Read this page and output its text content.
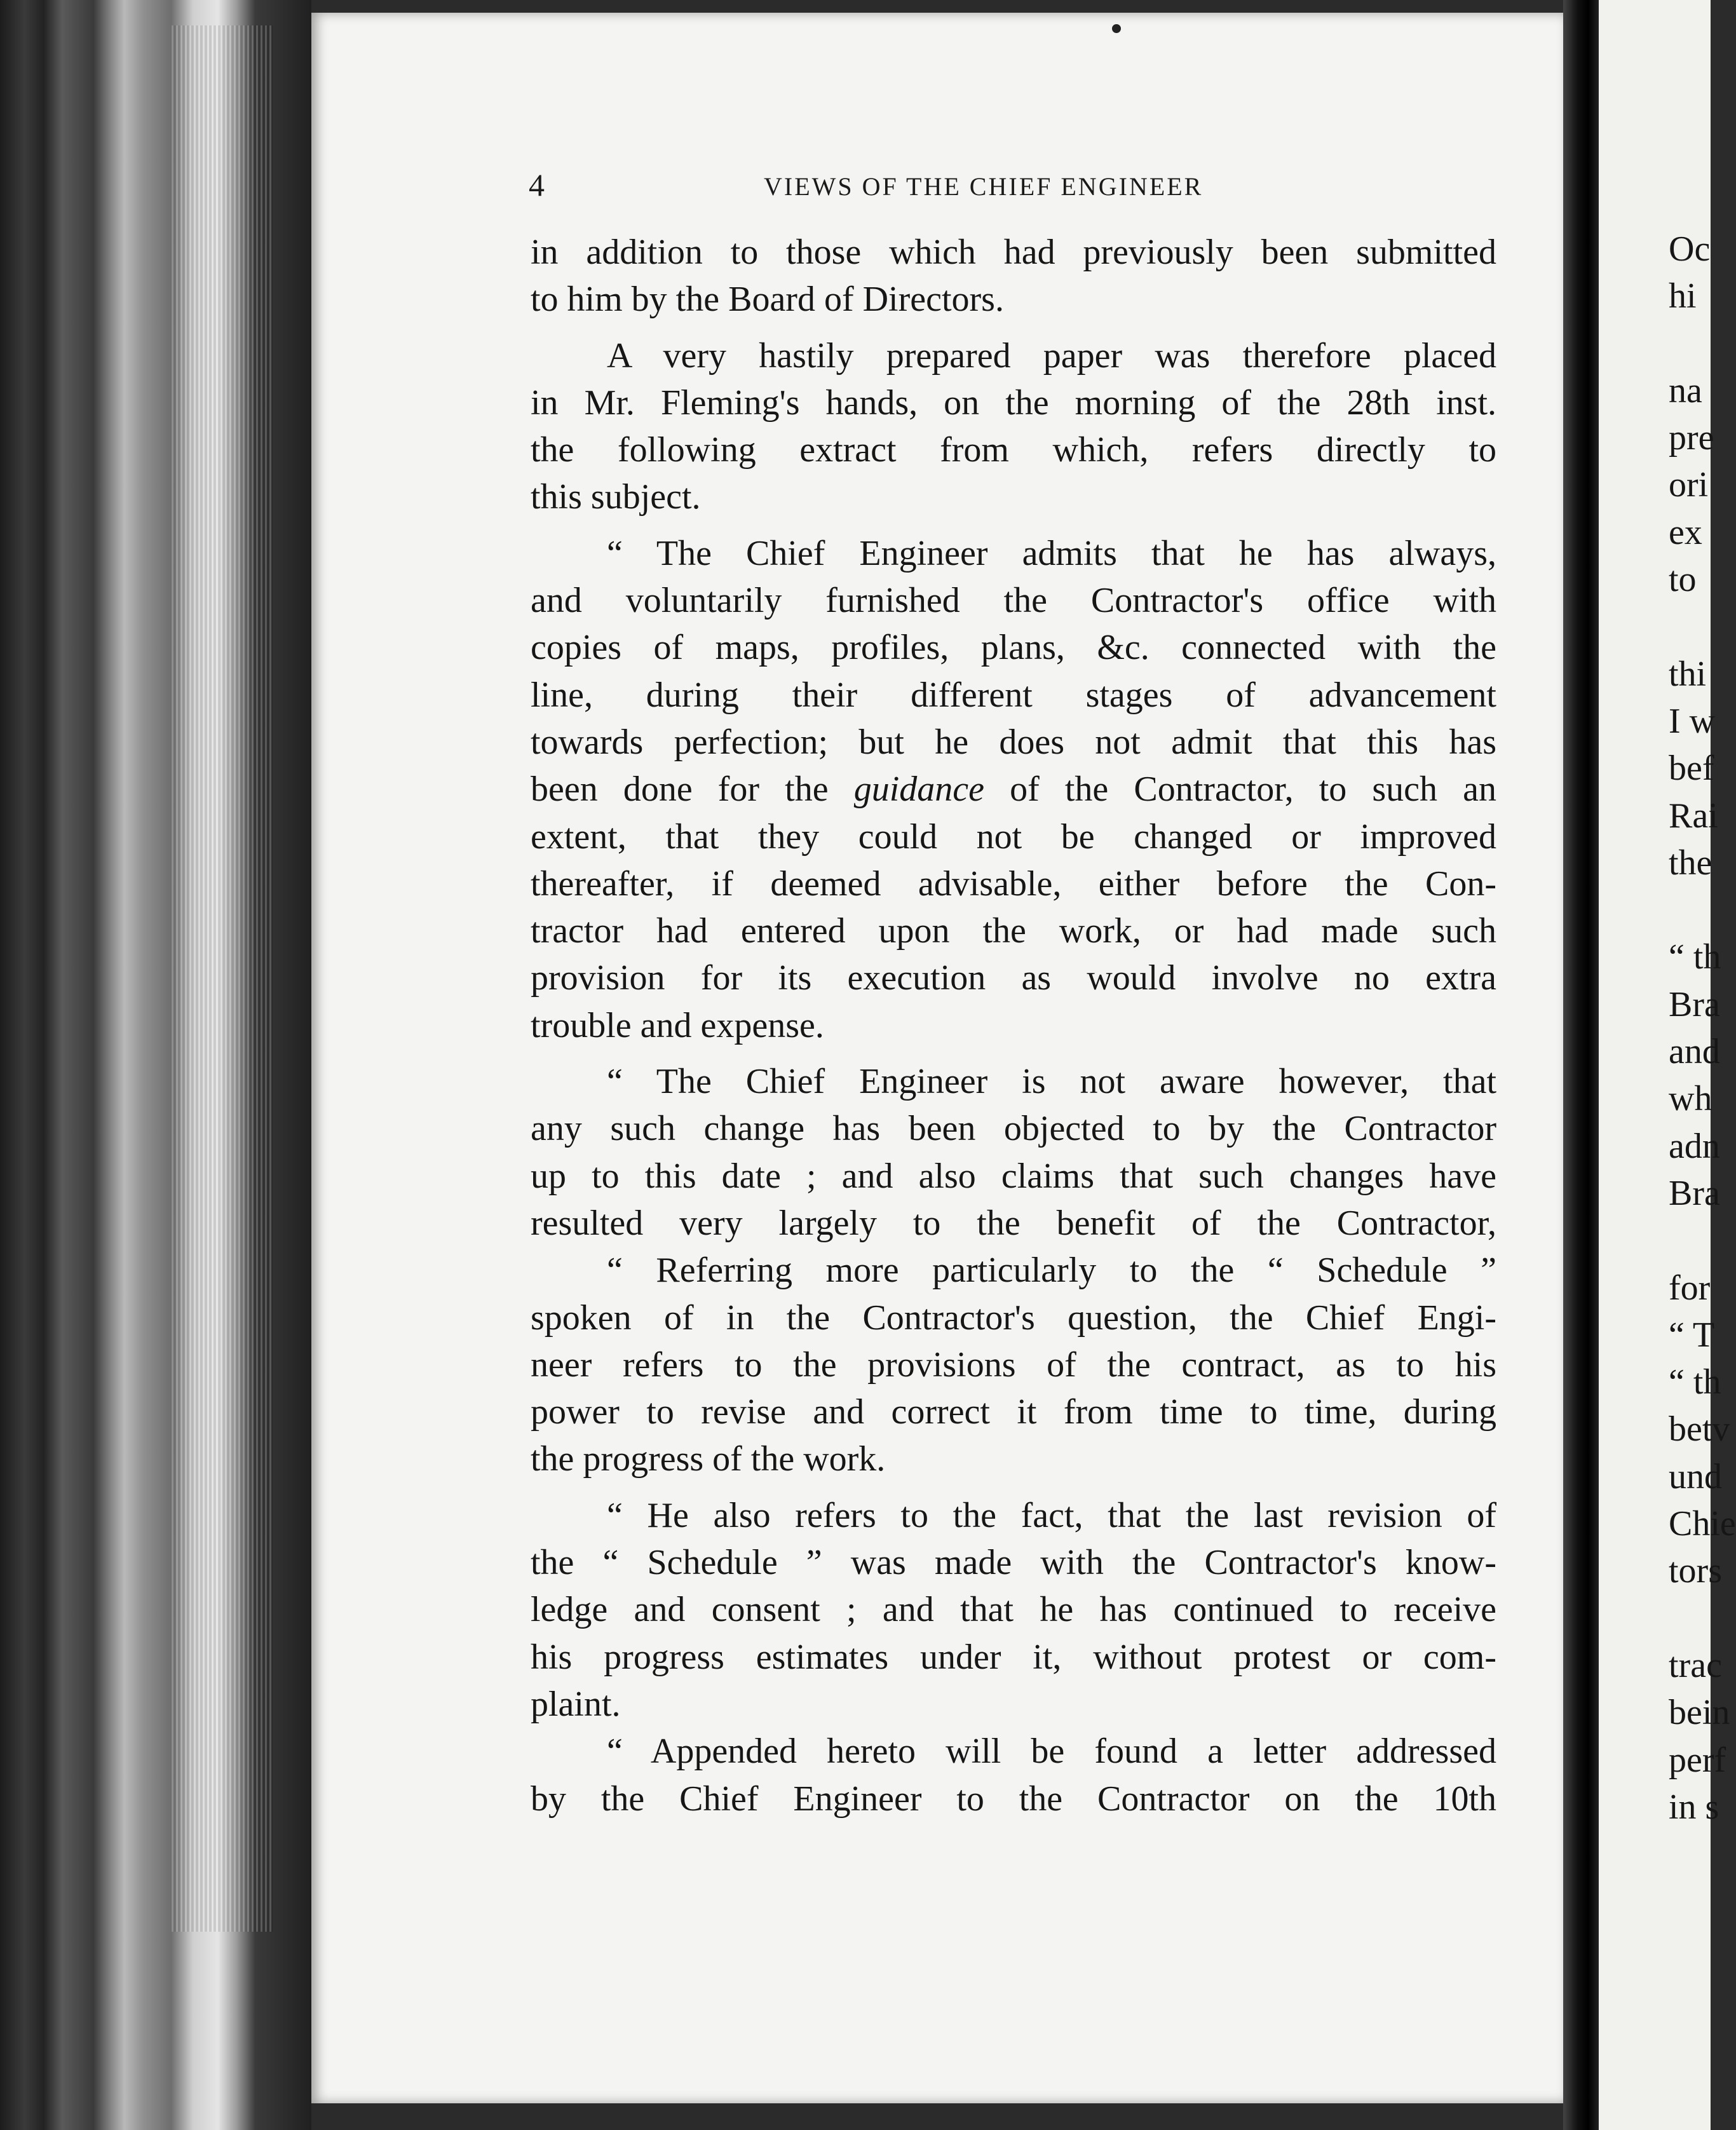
Oc
hi
na
pre
ori
ex
to
thi
I w
bef
Rai
the
“ th
Bra
and
wh
adn
Bra
for
“ T
“ th
betv
und
Chie
tors
trac
bein
perf
in s
4	VIEWS OF THE CHIEF ENGINEER
in addition to those which had previously been submitted
to him by the Board of Directors.
A very hastily prepared paper was therefore placed
in Mr. Fleming's hands, on the morning of the 28th inst.
the following extract from which, refers directly to
this subject.
“ The Chief Engineer admits that he has always,
and voluntarily furnished the Contractor's office with
copies of maps, profiles, plans, &c. connected with the
line, during their different stages of advancement
towards perfection; but he does not admit that this has
been done for the guidance of the Contractor, to such an
extent, that they could not be changed or improved
thereafter, if deemed advisable, either before the Con-
tractor had entered upon the work, or had made such
provision for its execution as would involve no extra
trouble and expense.
“ The Chief Engineer is not aware however, that
any such change has been objected to by the Contractor
up to this date ; and also claims that such changes have
resulted very largely to the benefit of the Contractor,
“ Referring more particularly to the “ Schedule ”
spoken of in the Contractor's question, the Chief Engi-
neer refers to the provisions of the contract, as to his
power to revise and correct it from time to time, during
the progress of the work.
“ He also refers to the fact, that the last revision of
the “ Schedule ” was made with the Contractor's know-
ledge and consent ; and that he has continued to receive
his progress estimates under it, without protest or com-
plaint.
“ Appended hereto will be found a letter addressed
by the Chief Engineer to the Contractor on the 10th
